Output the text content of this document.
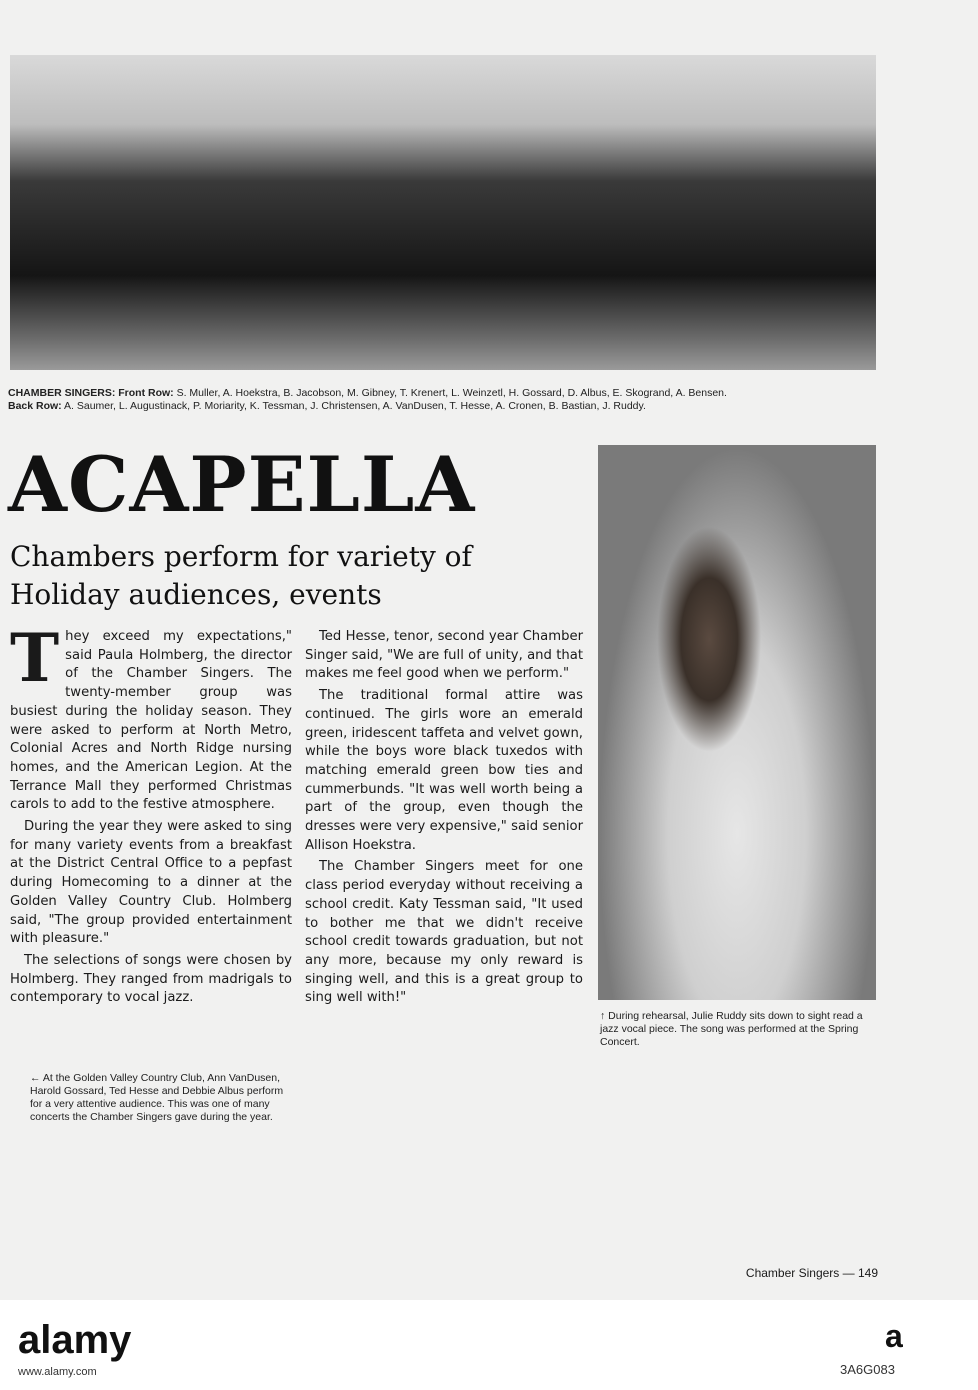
CHAMBER SINGERS: Front Row: S. Muller, A. Hoekstra, B. Jacobson, M. Gibney, T. Krenert, L. Weinzetl, H. Gossard, D. Albus, E. Skogrand, A. Bensen.
Back Row: A. Saumer, L. Augustinack, P. Moriarity, K. Tessman, J. Christensen, A. VanDusen, T. Hesse, A. Cronen, B. Bastian, J. Ruddy.
ACAPELLA
Chambers perform for variety of Holiday audiences, events

They exceed my expectations," said Paula Holmberg, the director of the Chamber Singers. The twenty-member group was busiest during the holiday season. They were asked to perform at North Metro, Colonial Acres and North Ridge nursing homes, and the American Legion. At the Terrance Mall they performed Christmas carols to add to the festive atmosphere.

During the year they were asked to sing for many variety events from a breakfast at the District Central Office to a pepfast during Homecoming to a dinner at the Golden Valley Country Club. Holmberg said, "The group provided entertainment with pleasure."

The selections of songs were chosen by Holmberg. They ranged from madrigals to contemporary to vocal jazz.

Ted Hesse, tenor, second year Chamber Singer said, "We are full of unity, and that makes me feel good when we perform."

The traditional formal attire was continued. The girls wore an emerald green, iridescent taffeta and velvet gown, while the boys wore black tuxedos with matching emerald green bow ties and cummerbunds. "It was well worth being a part of the group, even though the dresses were very expensive," said senior Allison Hoekstra.

The Chamber Singers meet for one class period everyday without receiving a school credit. Katy Tessman said, "It used to bother me that we didn't receive school credit towards graduation, but not any more, because my only reward is singing well, and this is a great group to sing well with!"

← At the Golden Valley Country Club, Ann VanDusen, Harold Gossard, Ted Hesse and Debbie Albus perform for a very attentive audience. This was one of many concerts the Chamber Singers gave during the year.
↑ During rehearsal, Julie Ruddy sits down to sight read a jazz vocal piece. The song was performed at the Spring Concert.
Chamber Singers — 149
alamy	a
3A6G083
www.alamy.com
